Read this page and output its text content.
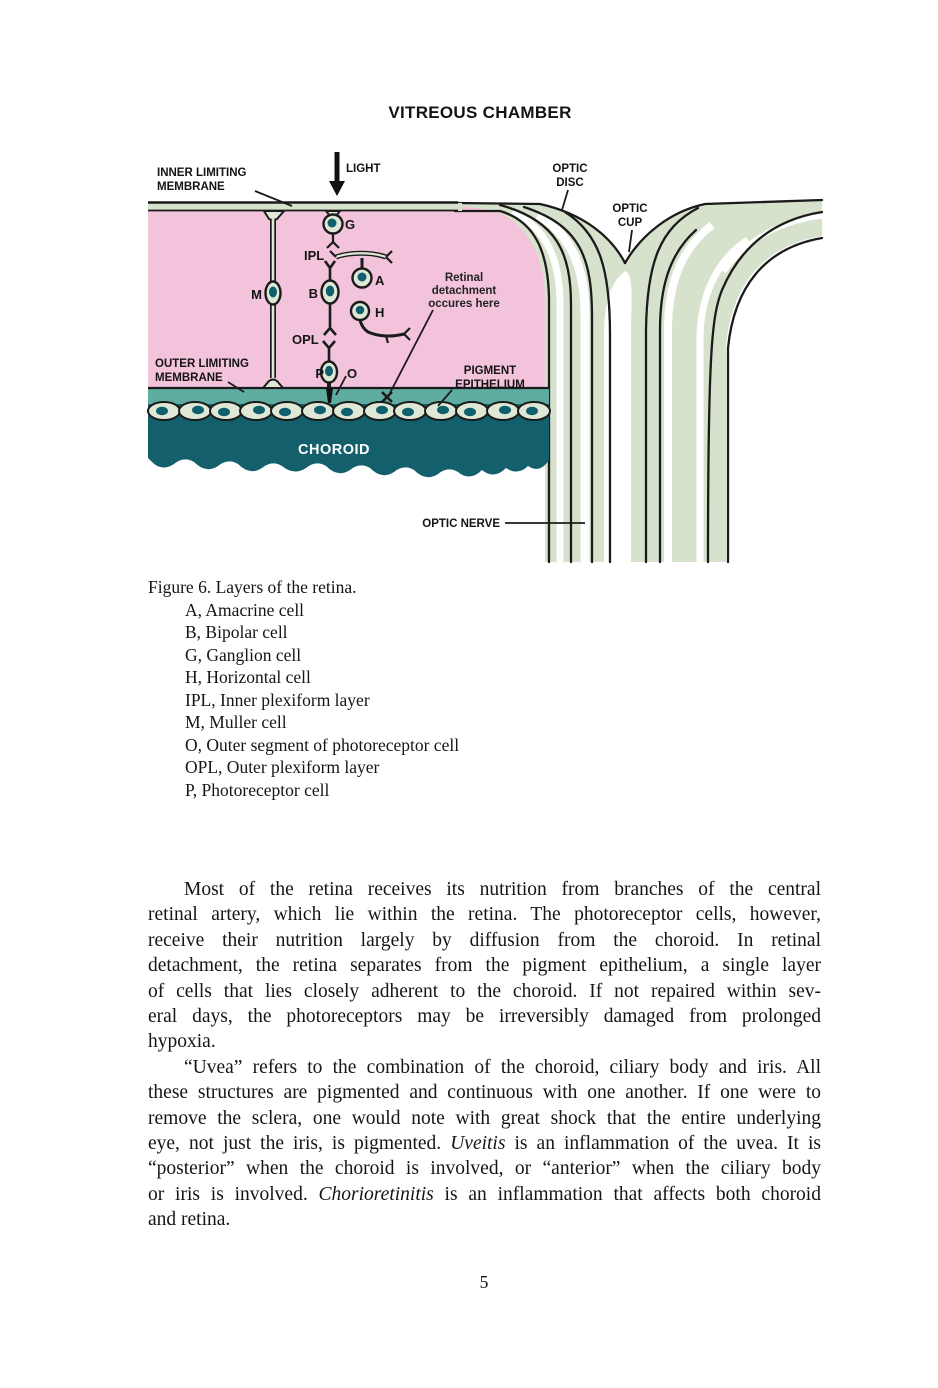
VITREOUS CHAMBER
INNER LIMITING
MEMBRANE
LIGHT	OPTIC
DISC
OPTIC
CUP
Retinal
detachment
occures here
OUTER LIMITING
MEMBRANE
PIGMENT
EPITHELIUM
CHOROID
OPTIC NERVE
G
IPL
M	B
A
H
OPL
P O
Figure 6. Layers of the retina.
A, Amacrine cell
B, Bipolar cell
G, Ganglion cell
H, Horizontal cell
IPL, Inner plexiform layer
M, Muller cell
O, Outer segment of photoreceptor cell
OPL, Outer plexiform layer
P, Photoreceptor cell
Most of the retina receives its nutrition from branches of the central
retinal artery, which lie within the retina. The photoreceptor cells, however,
receive their nutrition largely by diffusion from the choroid. In retinal
detachment, the retina separates from the pigment epithelium, a single layer
of cells that lies closely adherent to the choroid. If not repaired within sev-
eral days, the photoreceptors may be irreversibly damaged from prolonged
hypoxia.
“Uvea” refers to the combination of the choroid, ciliary body and iris. All
these structures are pigmented and continuous with one another. If one were to
remove the sclera, one would note with great shock that the entire underlying
eye, not just the iris, is pigmented. Uveitis is an inflammation of the uvea. It is
“posterior” when the choroid is involved, or “anterior” when the ciliary body
or iris is involved. Chorioretinitis is an inflammation that affects both choroid
and retina.
5
